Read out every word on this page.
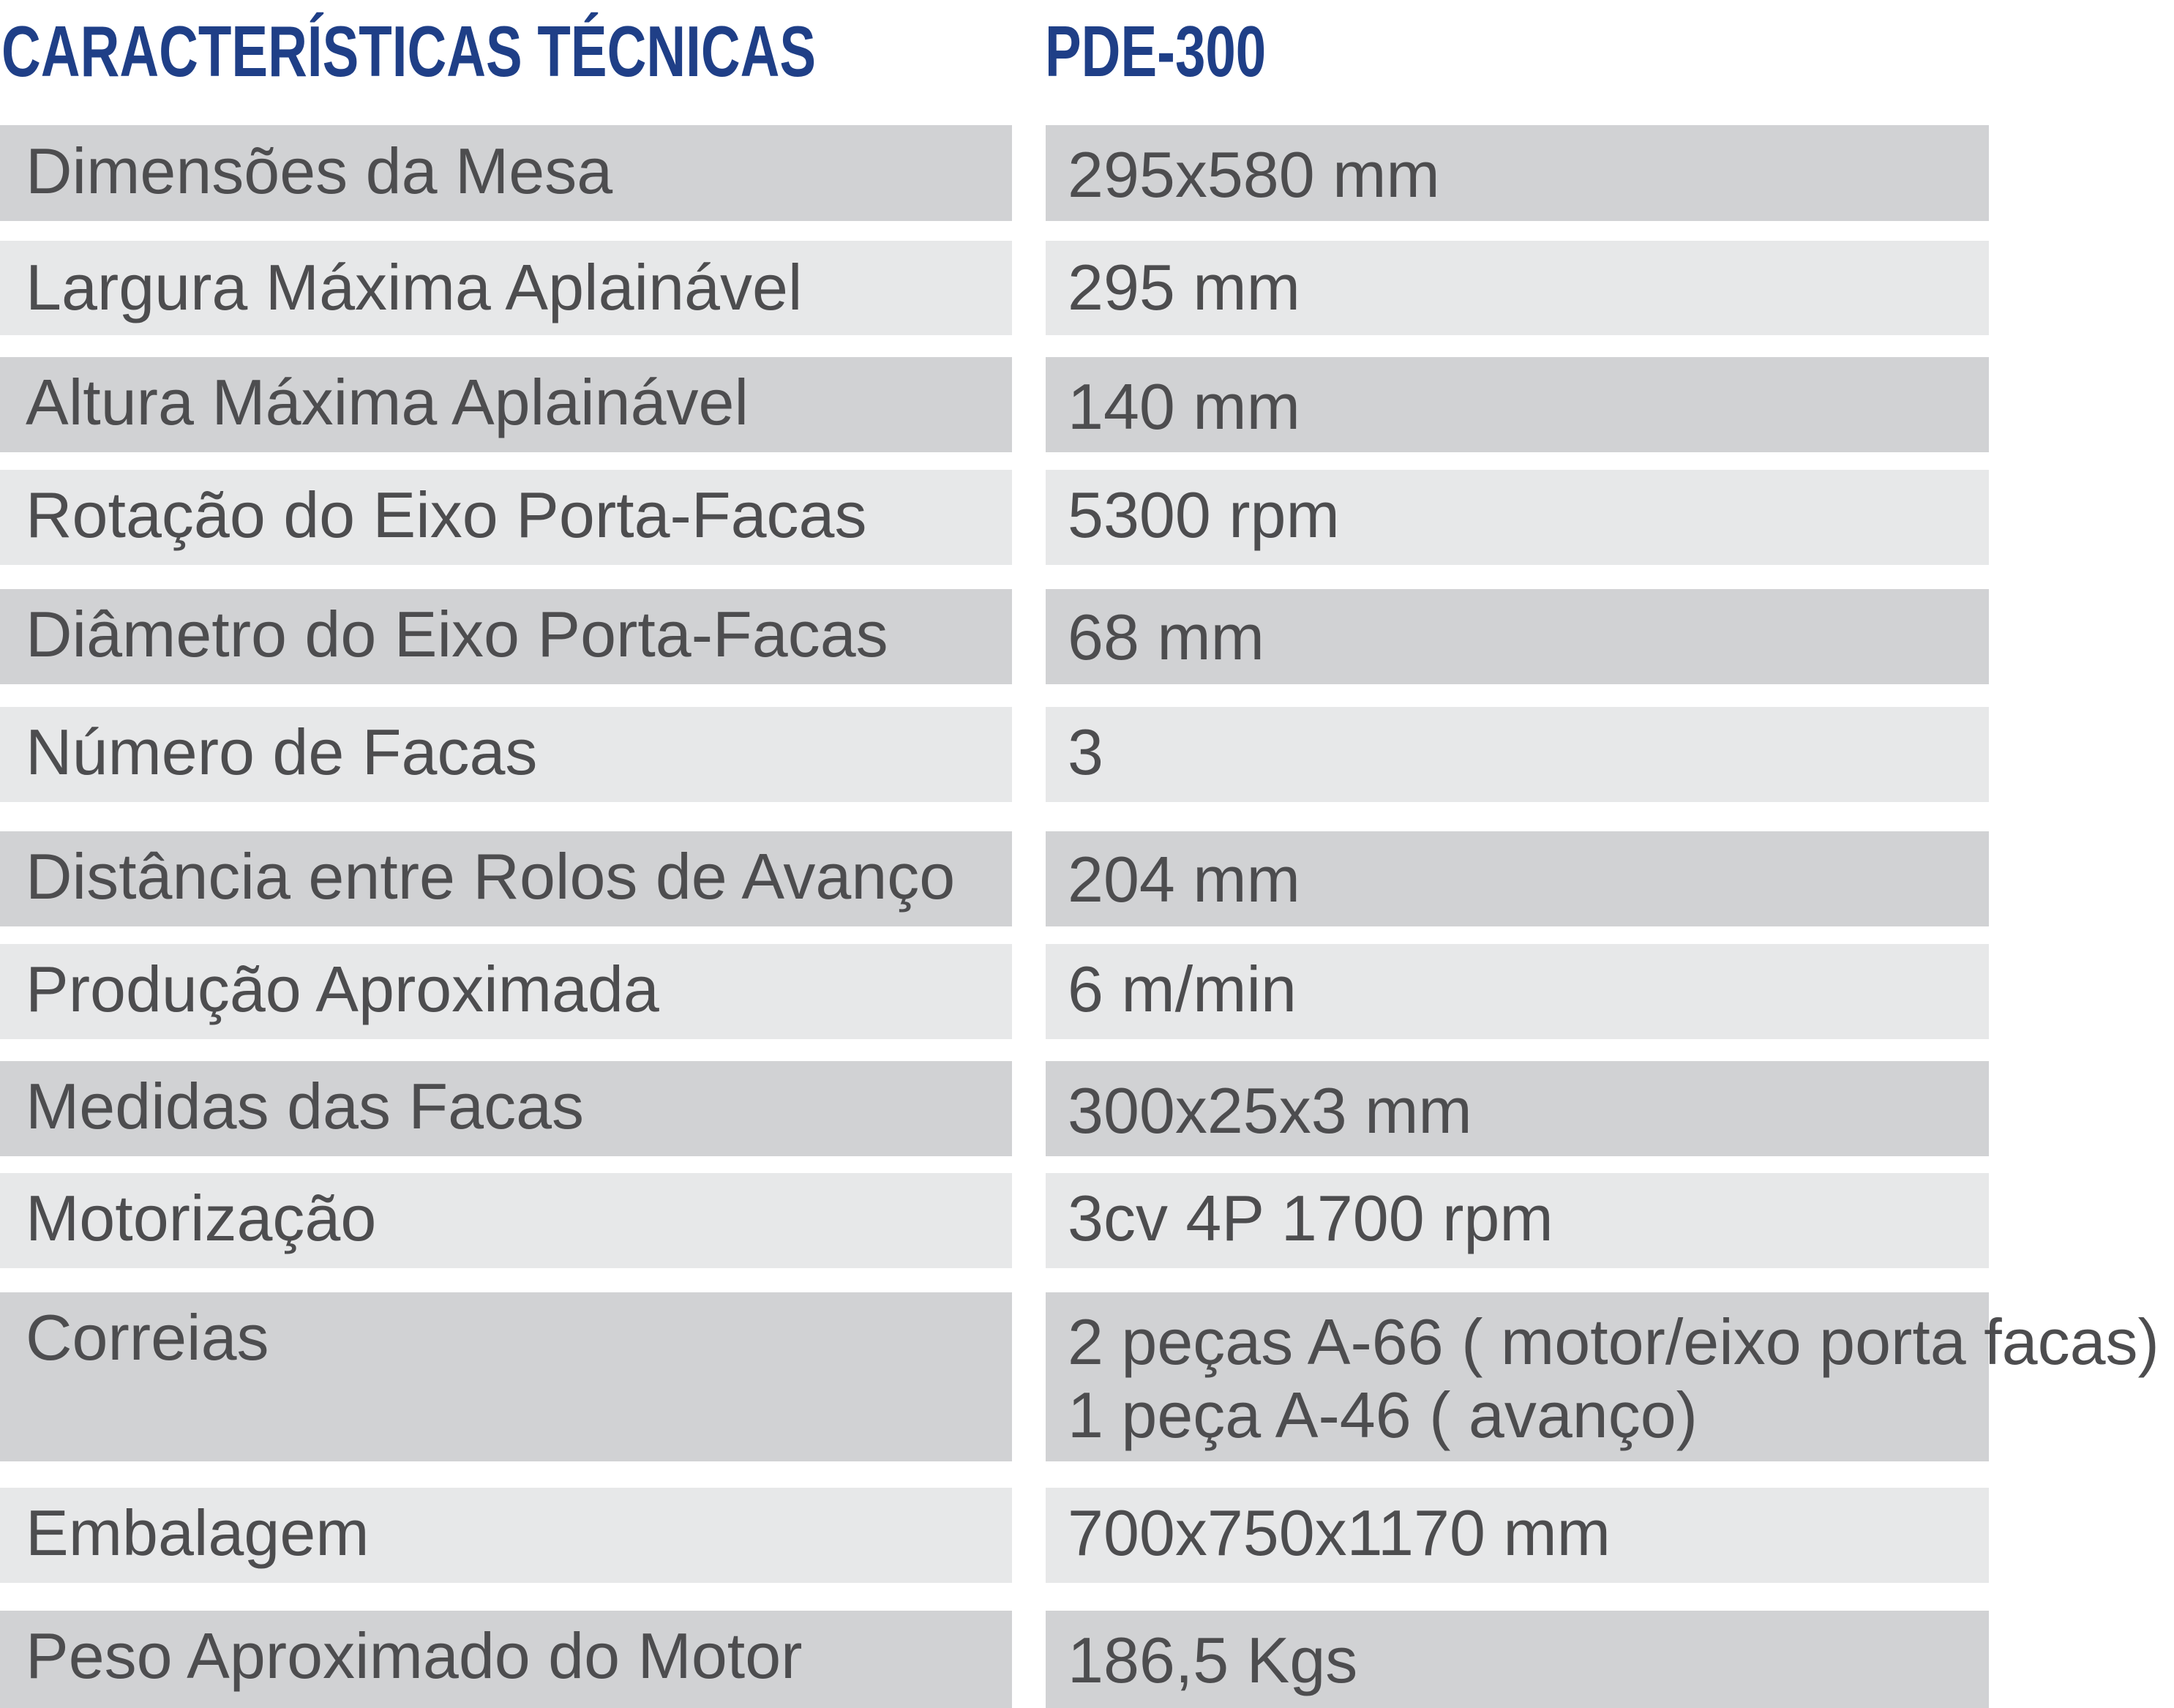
CARACTERÍSTICAS TÉCNICAS	PDE-300
Dimensões da Mesa	295x580 mm
Largura Máxima Aplainável	295 mm
Altura Máxima Aplainável	140 mm
Rotação do Eixo Porta-Facas	5300 rpm
Diâmetro do Eixo Porta-Facas	68 mm
Número de Facas	3
Distância entre Rolos de Avanço 204 mm
Produção Aproximada	6 m/min
Medidas das Facas	300x25x3 mm
Motorização	3cv 4P 1700 rpm
Correias	2 peças A-66 ( motor/eixo porta facas)
1 peça A-46 ( avanço)
Embalagem	700x750x1170 mm
Peso Aproximado do Motor	186,5 Kgs
